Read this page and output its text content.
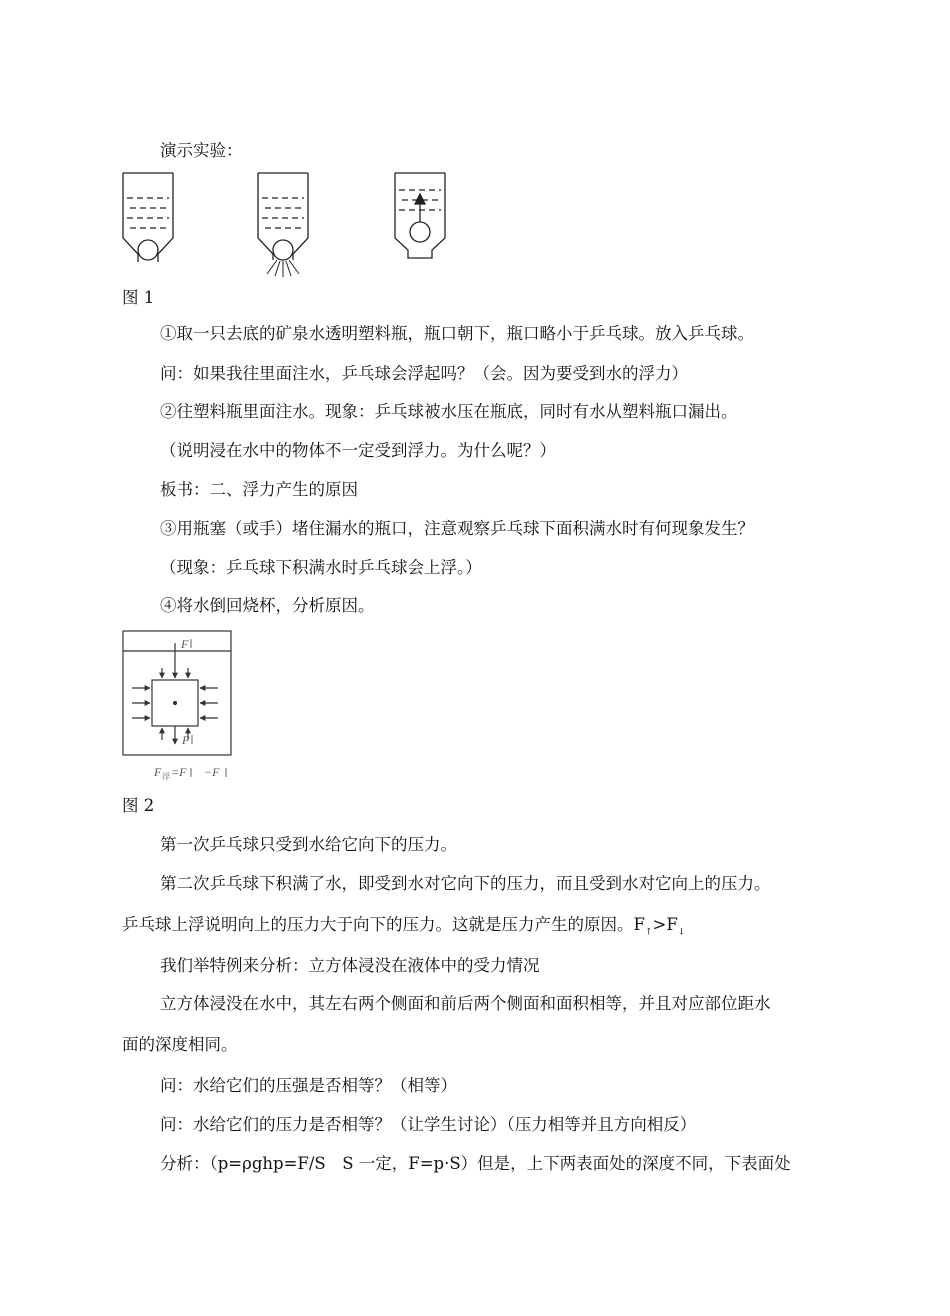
演示实验：
图 1
①取一只去底的矿泉水透明塑料瓶，瓶口朝下，瓶口略小于乒乓球。放入乒乓球。
问：如果我往里面注水，乒乓球会浮起吗？（会。因为要受到水的浮力）
②往塑料瓶里面注水。现象：乒乓球被水压在瓶底，同时有水从塑料瓶口漏出。
（说明浸在水中的物体不一定受到浮力。为什么呢？）
板书：二、浮力产生的原因
③用瓶塞（或手）堵住漏水的瓶口，注意观察乒乓球下面积满水时有何现象发生？
（现象：乒乓球下积满水时乒乓球会上浮。）
④将水倒回烧杯，分析原因。
F
F
F 浮 =F −F
图 2
第一次乒乓球只受到水给它向下的压力。
第二次乒乓球下积满了水，即受到水对它向下的压力，而且受到水对它向上的压力。
乒乓球上浮说明向上的压力大于向下的压力。这就是压力产生的原因。$F_↑>F_↓$
我们举特例来分析：立方体浸没在液体中的受力情况
立方体浸没在水中，其左右两个侧面和前后两个侧面和面积相等，并且对应部位距水
面的深度相同。
问：水给它们的压强是否相等？（相等）
问：水给它们的压力是否相等？（让学生讨论）（压力相等并且方向相反）
分析：（p=ρghp=F/S　S 一定，F=p·S）但是，上下两表面处的深度不同，下表面处
